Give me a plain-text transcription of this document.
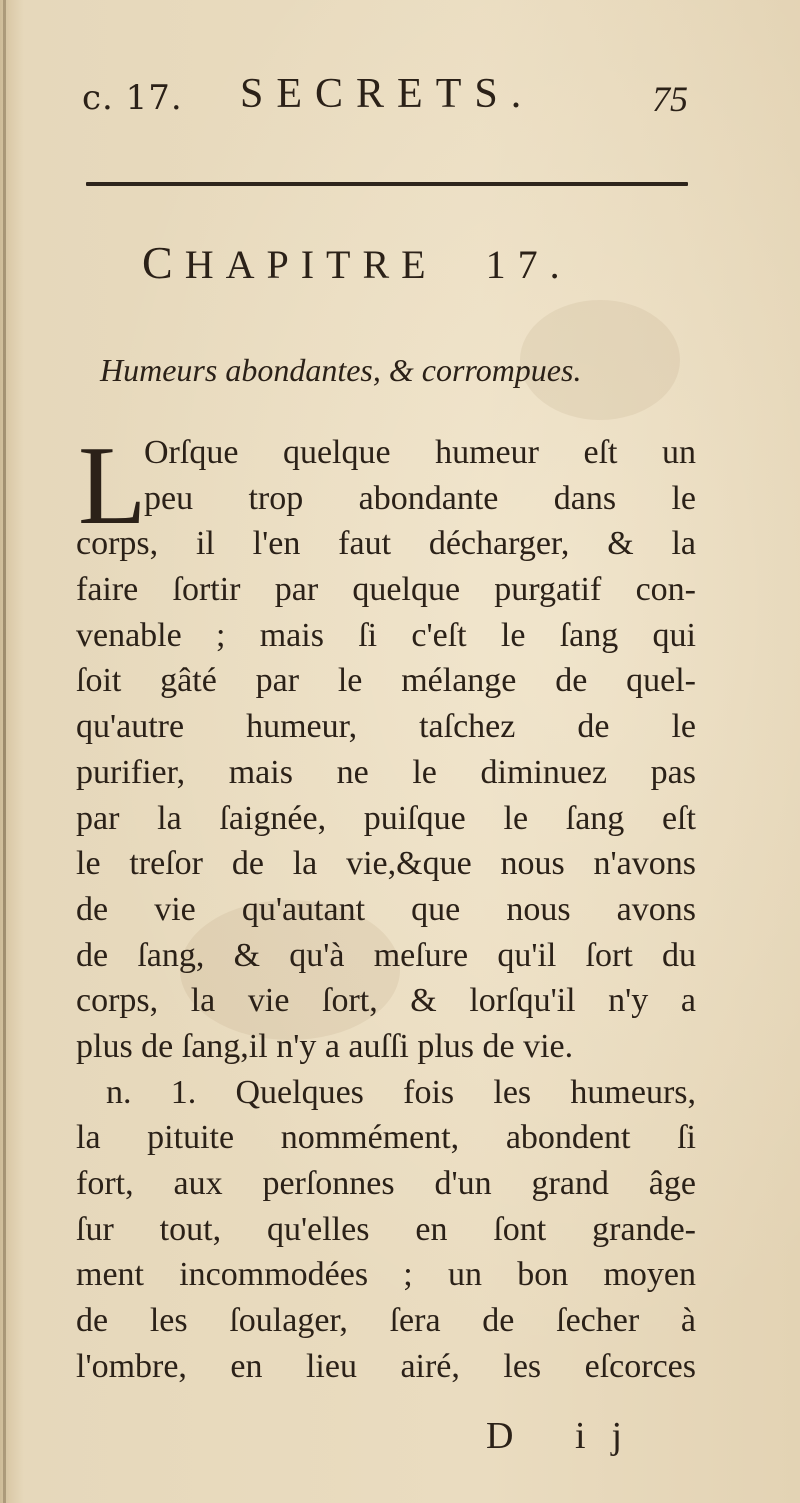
c. 17. SECRETS.	75
CHAPITRE 17.
Humeurs abondantes, & corrompues.
L
Orſque quelque humeur eſt un
peu trop abondante dans le
corps, il l'en faut décharger, & la
faire ſortir par quelque purgatif con-
venable ; mais ſi c'eſt le ſang qui
ſoit gâté par le mélange de quel-
qu'autre humeur, taſchez de le
purifier, mais ne le diminuez pas
par la ſaignée, puiſque le ſang eſt
le treſor de la vie,&que nous n'avons
de vie qu'autant que nous avons
de ſang, & qu'à meſure qu'il ſort du
corps, la vie ſort, & lorſqu'il n'y a
plus de ſang,il n'y a auſſi plus de vie.
n. 1. Quelques fois les humeurs,
la pituite nommément, abondent ſi
fort, aux perſonnes d'un grand âge
ſur tout, qu'elles en ſont grande-
ment incommodées ; un bon moyen
de les ſoulager, ſera de ſecher à
l'ombre, en lieu airé, les eſcorces
D ij
